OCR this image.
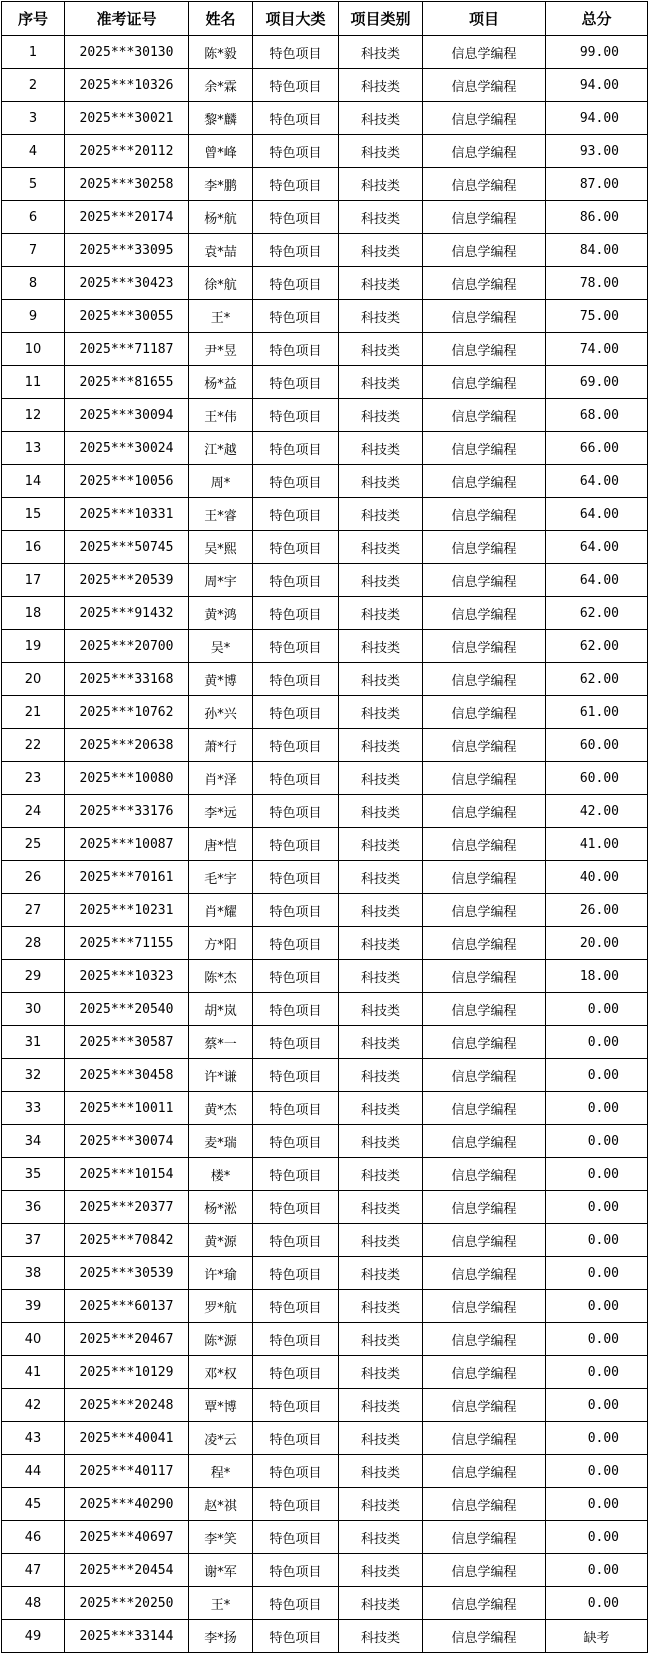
序号	准考证号	姓名	项目大类	项目类别	项目	总分
1	2025***30130	陈*毅	特色项目	科技类	信息学编程	99.00
2	2025***10326	余*霖	特色项目	科技类	信息学编程	94.00
3	2025***30021	黎*麟	特色项目	科技类	信息学编程	94.00
4	2025***20112	曾*峰	特色项目	科技类	信息学编程	93.00
5	2025***30258	李*鹏	特色项目	科技类	信息学编程	87.00
6	2025***20174	杨*航	特色项目	科技类	信息学编程	86.00
7	2025***33095	袁*喆	特色项目	科技类	信息学编程	84.00
8	2025***30423	徐*航	特色项目	科技类	信息学编程	78.00
9	2025***30055	王*	特色项目	科技类	信息学编程	75.00
10	2025***71187	尹*昱	特色项目	科技类	信息学编程	74.00
11	2025***81655	杨*益	特色项目	科技类	信息学编程	69.00
12	2025***30094	王*伟	特色项目	科技类	信息学编程	68.00
13	2025***30024	江*越	特色项目	科技类	信息学编程	66.00
14	2025***10056	周*	特色项目	科技类	信息学编程	64.00
15	2025***10331	王*睿	特色项目	科技类	信息学编程	64.00
16	2025***50745	吴*熙	特色项目	科技类	信息学编程	64.00
17	2025***20539	周*宇	特色项目	科技类	信息学编程	64.00
18	2025***91432	黄*鸿	特色项目	科技类	信息学编程	62.00
19	2025***20700	吴*	特色项目	科技类	信息学编程	62.00
20	2025***33168	黄*博	特色项目	科技类	信息学编程	62.00
21	2025***10762	孙*兴	特色项目	科技类	信息学编程	61.00
22	2025***20638	萧*行	特色项目	科技类	信息学编程	60.00
23	2025***10080	肖*泽	特色项目	科技类	信息学编程	60.00
24	2025***33176	李*远	特色项目	科技类	信息学编程	42.00
25	2025***10087	唐*恺	特色项目	科技类	信息学编程	41.00
26	2025***70161	毛*宇	特色项目	科技类	信息学编程	40.00
27	2025***10231	肖*耀	特色项目	科技类	信息学编程	26.00
28	2025***71155	方*阳	特色项目	科技类	信息学编程	20.00
29	2025***10323	陈*杰	特色项目	科技类	信息学编程	18.00
30	2025***20540	胡*岚	特色项目	科技类	信息学编程	0.00
31	2025***30587	蔡*一	特色项目	科技类	信息学编程	0.00
32	2025***30458	许*谦	特色项目	科技类	信息学编程	0.00
33	2025***10011	黄*杰	特色项目	科技类	信息学编程	0.00
34	2025***30074	麦*瑞	特色项目	科技类	信息学编程	0.00
35	2025***10154	楼*	特色项目	科技类	信息学编程	0.00
36	2025***20377	杨*淞	特色项目	科技类	信息学编程	0.00
37	2025***70842	黄*源	特色项目	科技类	信息学编程	0.00
38	2025***30539	许*瑜	特色项目	科技类	信息学编程	0.00
39	2025***60137	罗*航	特色项目	科技类	信息学编程	0.00
40	2025***20467	陈*源	特色项目	科技类	信息学编程	0.00
41	2025***10129	邓*权	特色项目	科技类	信息学编程	0.00
42	2025***20248	覃*博	特色项目	科技类	信息学编程	0.00
43	2025***40041	凌*云	特色项目	科技类	信息学编程	0.00
44	2025***40117	程*	特色项目	科技类	信息学编程	0.00
45	2025***40290	赵*祺	特色项目	科技类	信息学编程	0.00
46	2025***40697	李*笑	特色项目	科技类	信息学编程	0.00
47	2025***20454	谢*军	特色项目	科技类	信息学编程	0.00
48	2025***20250	王*	特色项目	科技类	信息学编程	0.00
49	2025***33144	李*扬	特色项目	科技类	信息学编程	缺考
